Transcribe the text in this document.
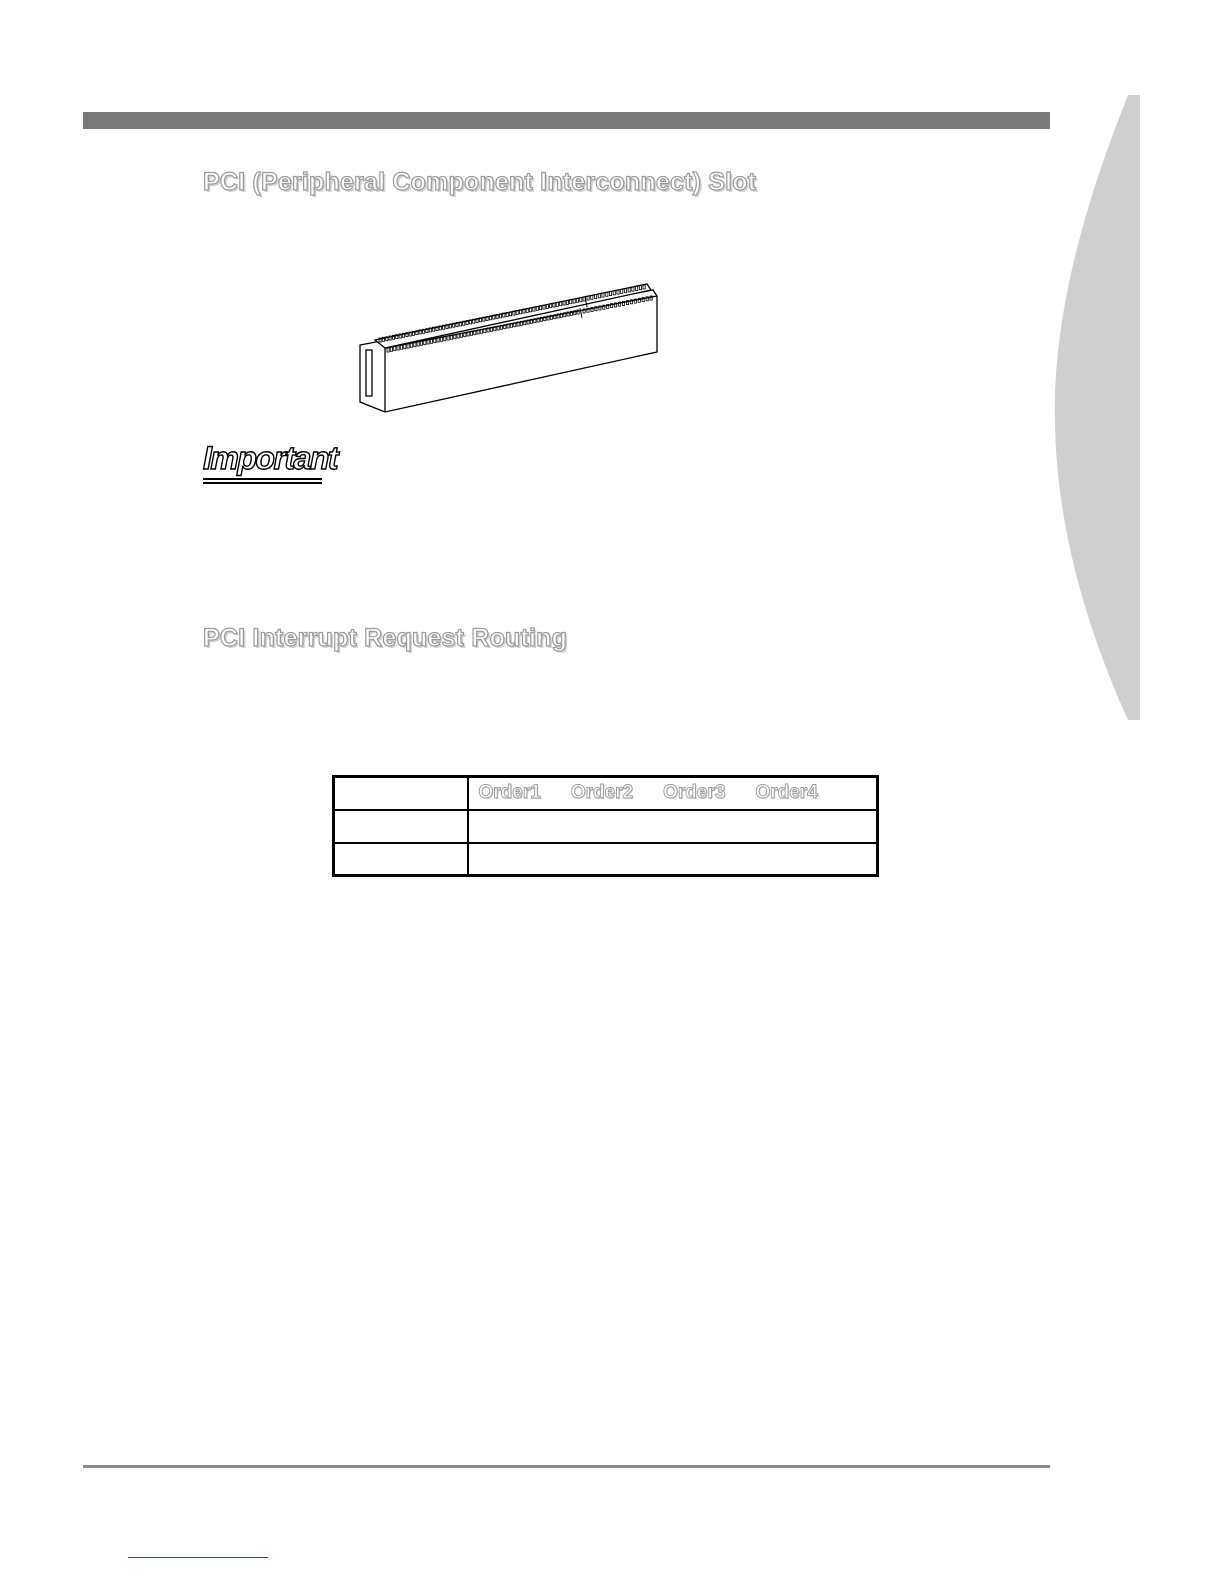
PCI (Peripheral Component Interconnect) Slot
Important
PCI Interrupt Request Routing

	Order1 Order2 Order3 Order4
